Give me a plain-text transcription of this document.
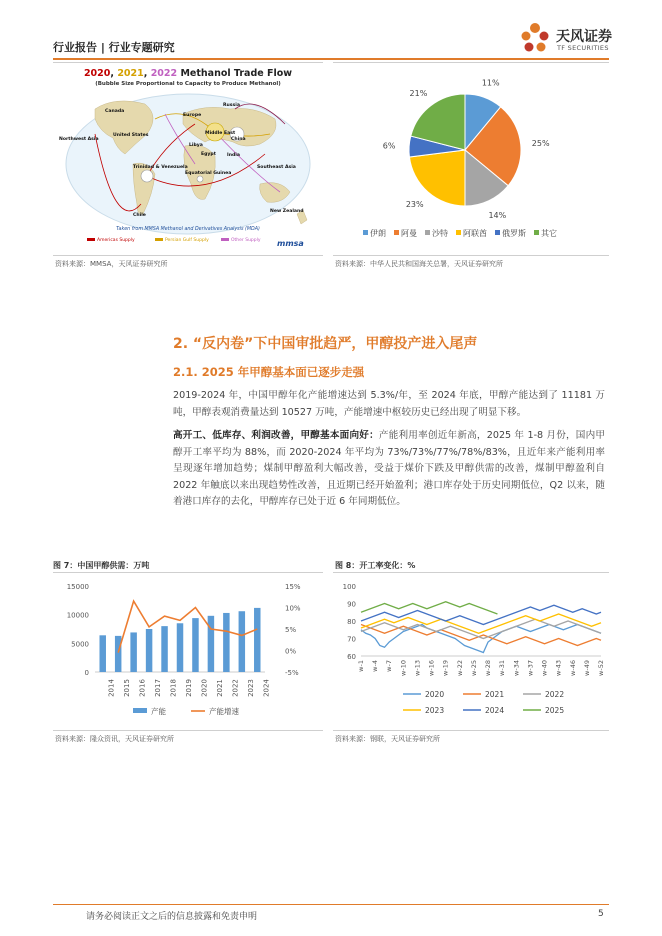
行业报告 | 行业专题研究
天风证券
TF SECURITIES
2020, 2021, 2022 Methanol Trade Flow
(Bubble Size Proportional to Capacity to Produce Methanol)
Canada
Russia
Europe
Northwest Asia
United States	Middle East
China
Libya
Egypt India
Southeast Asia
Trinidad & Venezuela
Equatorial Guinea
Chile
New Zealand
Taken from MMSA Methanol and Derivatives Analysis (MDA)
Americas Supply	Persian Gulf Supply	Other Supply mmsa
资料来源：MMSA，天风证券研究所
11%
25%
14%
23%
6%
21%
伊朗 阿曼 沙特 阿联酋 俄罗斯 其它
资料来源：中华人民共和国海关总署，天风证券研究所
2. “反内卷”下中国审批趋严，甲醇投产进入尾声
2.1. 2025 年甲醇基本面已逐步走强
2019-2024 年，中国甲醇年化产能增速达到 5.3%/年，至 2024 年底，甲醇产能达到了 11181 万吨，甲醇表观消费量达到 10527 万吨，产能增速中枢较历史已经出现了明显下移。
高开工、低库存、利润改善，甲醇基本面向好：产能利用率创近年新高，2025 年 1-8 月份，国内甲醇开工率平均为 88%，而 2020-2024 年平均为 73%/73%/77%/78%/83%，且近年来产能利用率呈现逐年增加趋势；煤制甲醇盈利大幅改善，受益于煤价下跌及甲醇供需的改善，煤制甲醇盈利自 2022 年触底以来出现趋势性改善，且近期已经开始盈利；港口库存处于历史同期低位，Q2 以来，随着港口库存的去化，甲醇库存已处于近 6 年同期低位。
图 7：中国甲醇供需：万吨
15000
10000
5000
0
15%
10%
5%
0%
-5%
2014 2015 2016 2017 2018 2019 2020 2021 2022 2023 2024
产能	产能增速
资料来源：隆众资讯，天风证券研究所
图 8：开工率变化：%
100
90
80
70
60
w-1 w-4 w-7 w-10 w-13 w-16 w-19 w-22 w-25 w-28 w-31 w-34 w-37 w-40 w-43 w-46 w-49 w-52
2020	2021	2022
2023	2024	2025
资料来源：钢联，天风证券研究所
请务必阅读正文之后的信息披露和免责申明	5
